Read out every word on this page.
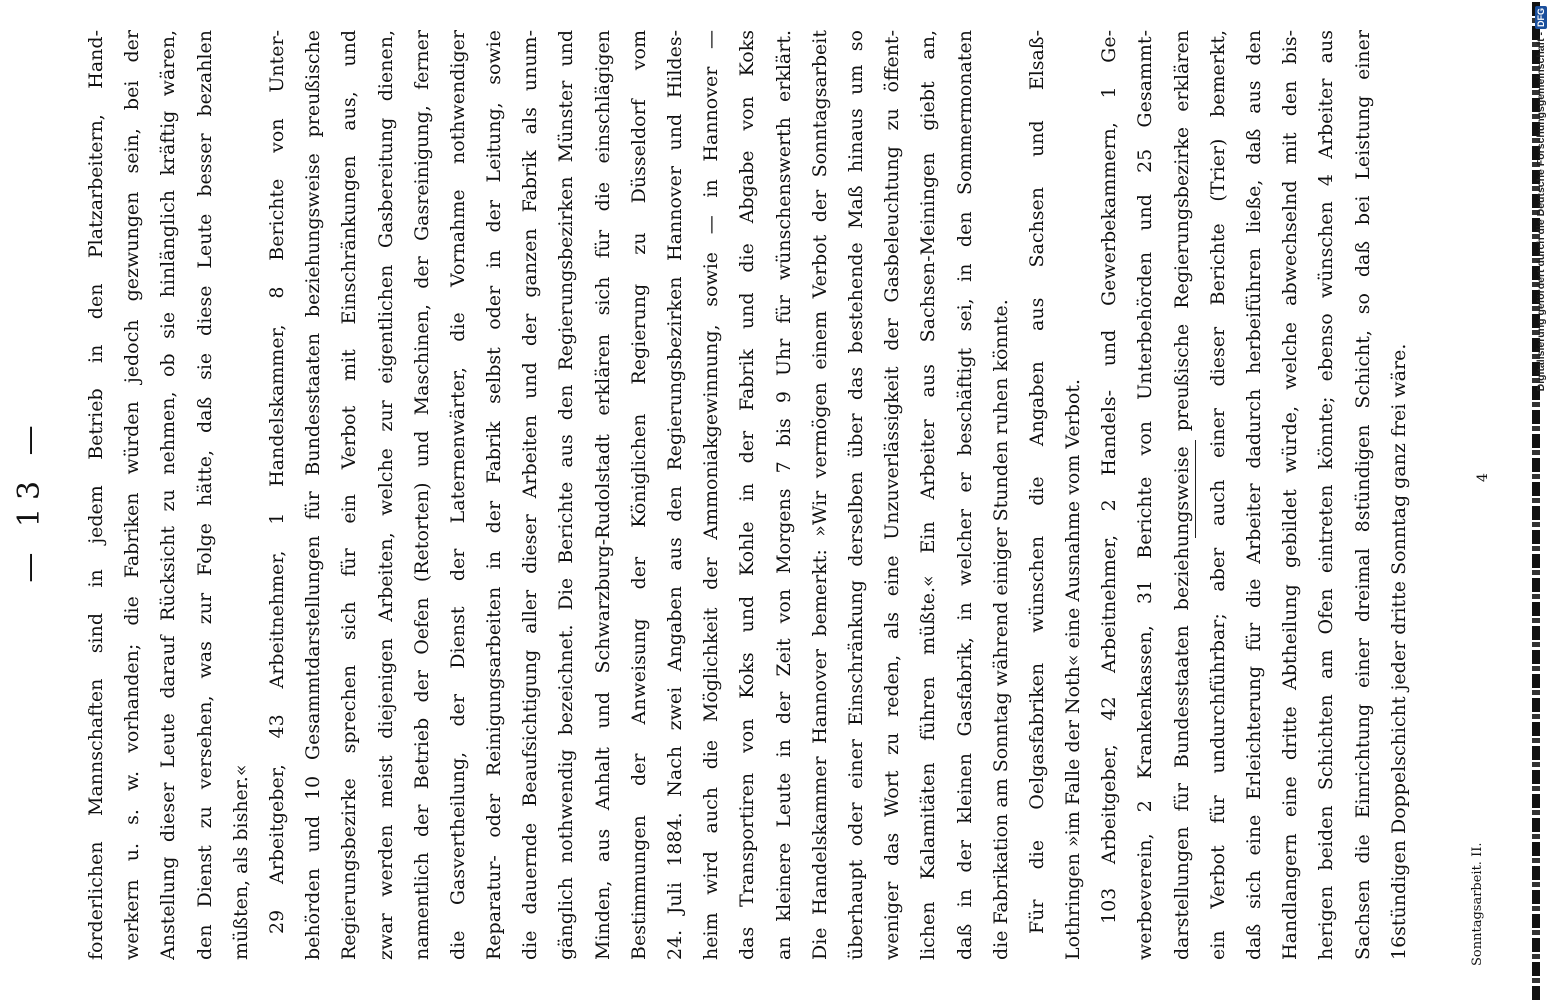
— 13 —	forderlichen Mannschaften sind in jedem Betrieb in den Platzarbeitern, Hand- werkern u. s. w. vorhanden; die Fabriken würden jedoch gezwungen sein, bei der Anstellung dieser Leute darauf Rücksicht zu nehmen, ob sie hinlänglich kräftig wären, den Dienst zu versehen, was zur Folge hätte, daß sie diese Leute besser bezahlen müßten, als bisher.« 29 Arbeitgeber, 43 Arbeitnehmer, 1 Handelskammer, 8 Berichte von Unter- behörden und 10 Gesammtdarstellungen für Bundesstaaten beziehungsweise preußische Regierungsbezirke sprechen sich für ein Verbot mit Einschränkungen aus, und zwar werden meist diejenigen Arbeiten, welche zur eigentlichen Gasbereitung dienen, namentlich der Betrieb der Oefen (Retorten) und Maschinen, der Gasreinigung, ferner die Gasvertheilung, der Dienst der Laternenwärter, die Vornahme nothwendiger Reparatur- oder Reinigungsarbeiten in der Fabrik selbst oder in der Leitung, sowie die dauernde Beaufsichtigung aller dieser Arbeiten und der ganzen Fabrik als unum- gänglich nothwendig bezeichnet. Die Berichte aus den Regierungsbezirken Münster und Minden, aus Anhalt und Schwarzburg-Rudolstadt erklären sich für die einschlägigen Bestimmungen der Anweisung der Königlichen Regierung zu Düsseldorf vom 24. Juli 1884. Nach zwei Angaben aus den Regierungsbezirken Hannover und Hildes- heim wird auch die Möglichkeit der Ammoniakgewinnung, sowie — in Hannover — das Transportiren von Koks und Kohle in der Fabrik und die Abgabe von Koks an kleinere Leute in der Zeit von Morgens 7 bis 9 Uhr für wünschenswerth erklärt. Die Handelskammer Hannover bemerkt: »Wir vermögen einem Verbot der Sonntagsarbeit überhaupt oder einer Einschränkung derselben über das bestehende Maß hinaus um so weniger das Wort zu reden, als eine Unzuverlässigkeit der Gasbeleuchtung zu öffent- lichen Kalamitäten führen müßte.« Ein Arbeiter aus Sachsen-Meiningen giebt an, daß in der kleinen Gasfabrik, in welcher er beschäftigt sei, in den Sommermonaten die Fabrikation am Sonntag während einiger Stunden ruhen könnte. Für die Oelgasfabriken wünschen die Angaben aus Sachsen und Elsaß- Lothringen »im Falle der Noth« eine Ausnahme vom Verbot. 103 Arbeitgeber, 42 Arbeitnehmer, 2 Handels- und Gewerbekammern, 1 Ge- werbeverein, 2 Krankenkassen, 31 Berichte von Unterbehörden und 25 Gesammt- darstellungen für Bundesstaaten beziehungsweise preußische Regierungsbezirke erklären ein Verbot für undurchführbar; aber auch einer dieser Berichte (Trier) bemerkt, daß sich eine Erleichterung für die Arbeiter dadurch herbeiführen ließe, daß aus den Handlangern eine dritte Abtheilung gebildet würde, welche abwechselnd mit den bis- herigen beiden Schichten am Ofen eintreten könnte; ebenso wünschen 4 Arbeiter aus Sachsen die Einrichtung einer dreimal 8stündigen Schicht, so daß bei Leistung einer 16stündigen Doppelschicht jeder dritte Sonntag ganz frei wäre.	Sonntagsarbeit. II.
4
Digitalisierung gefördert durch die Deutsche Forschungsgemeinschaft -
DFG
